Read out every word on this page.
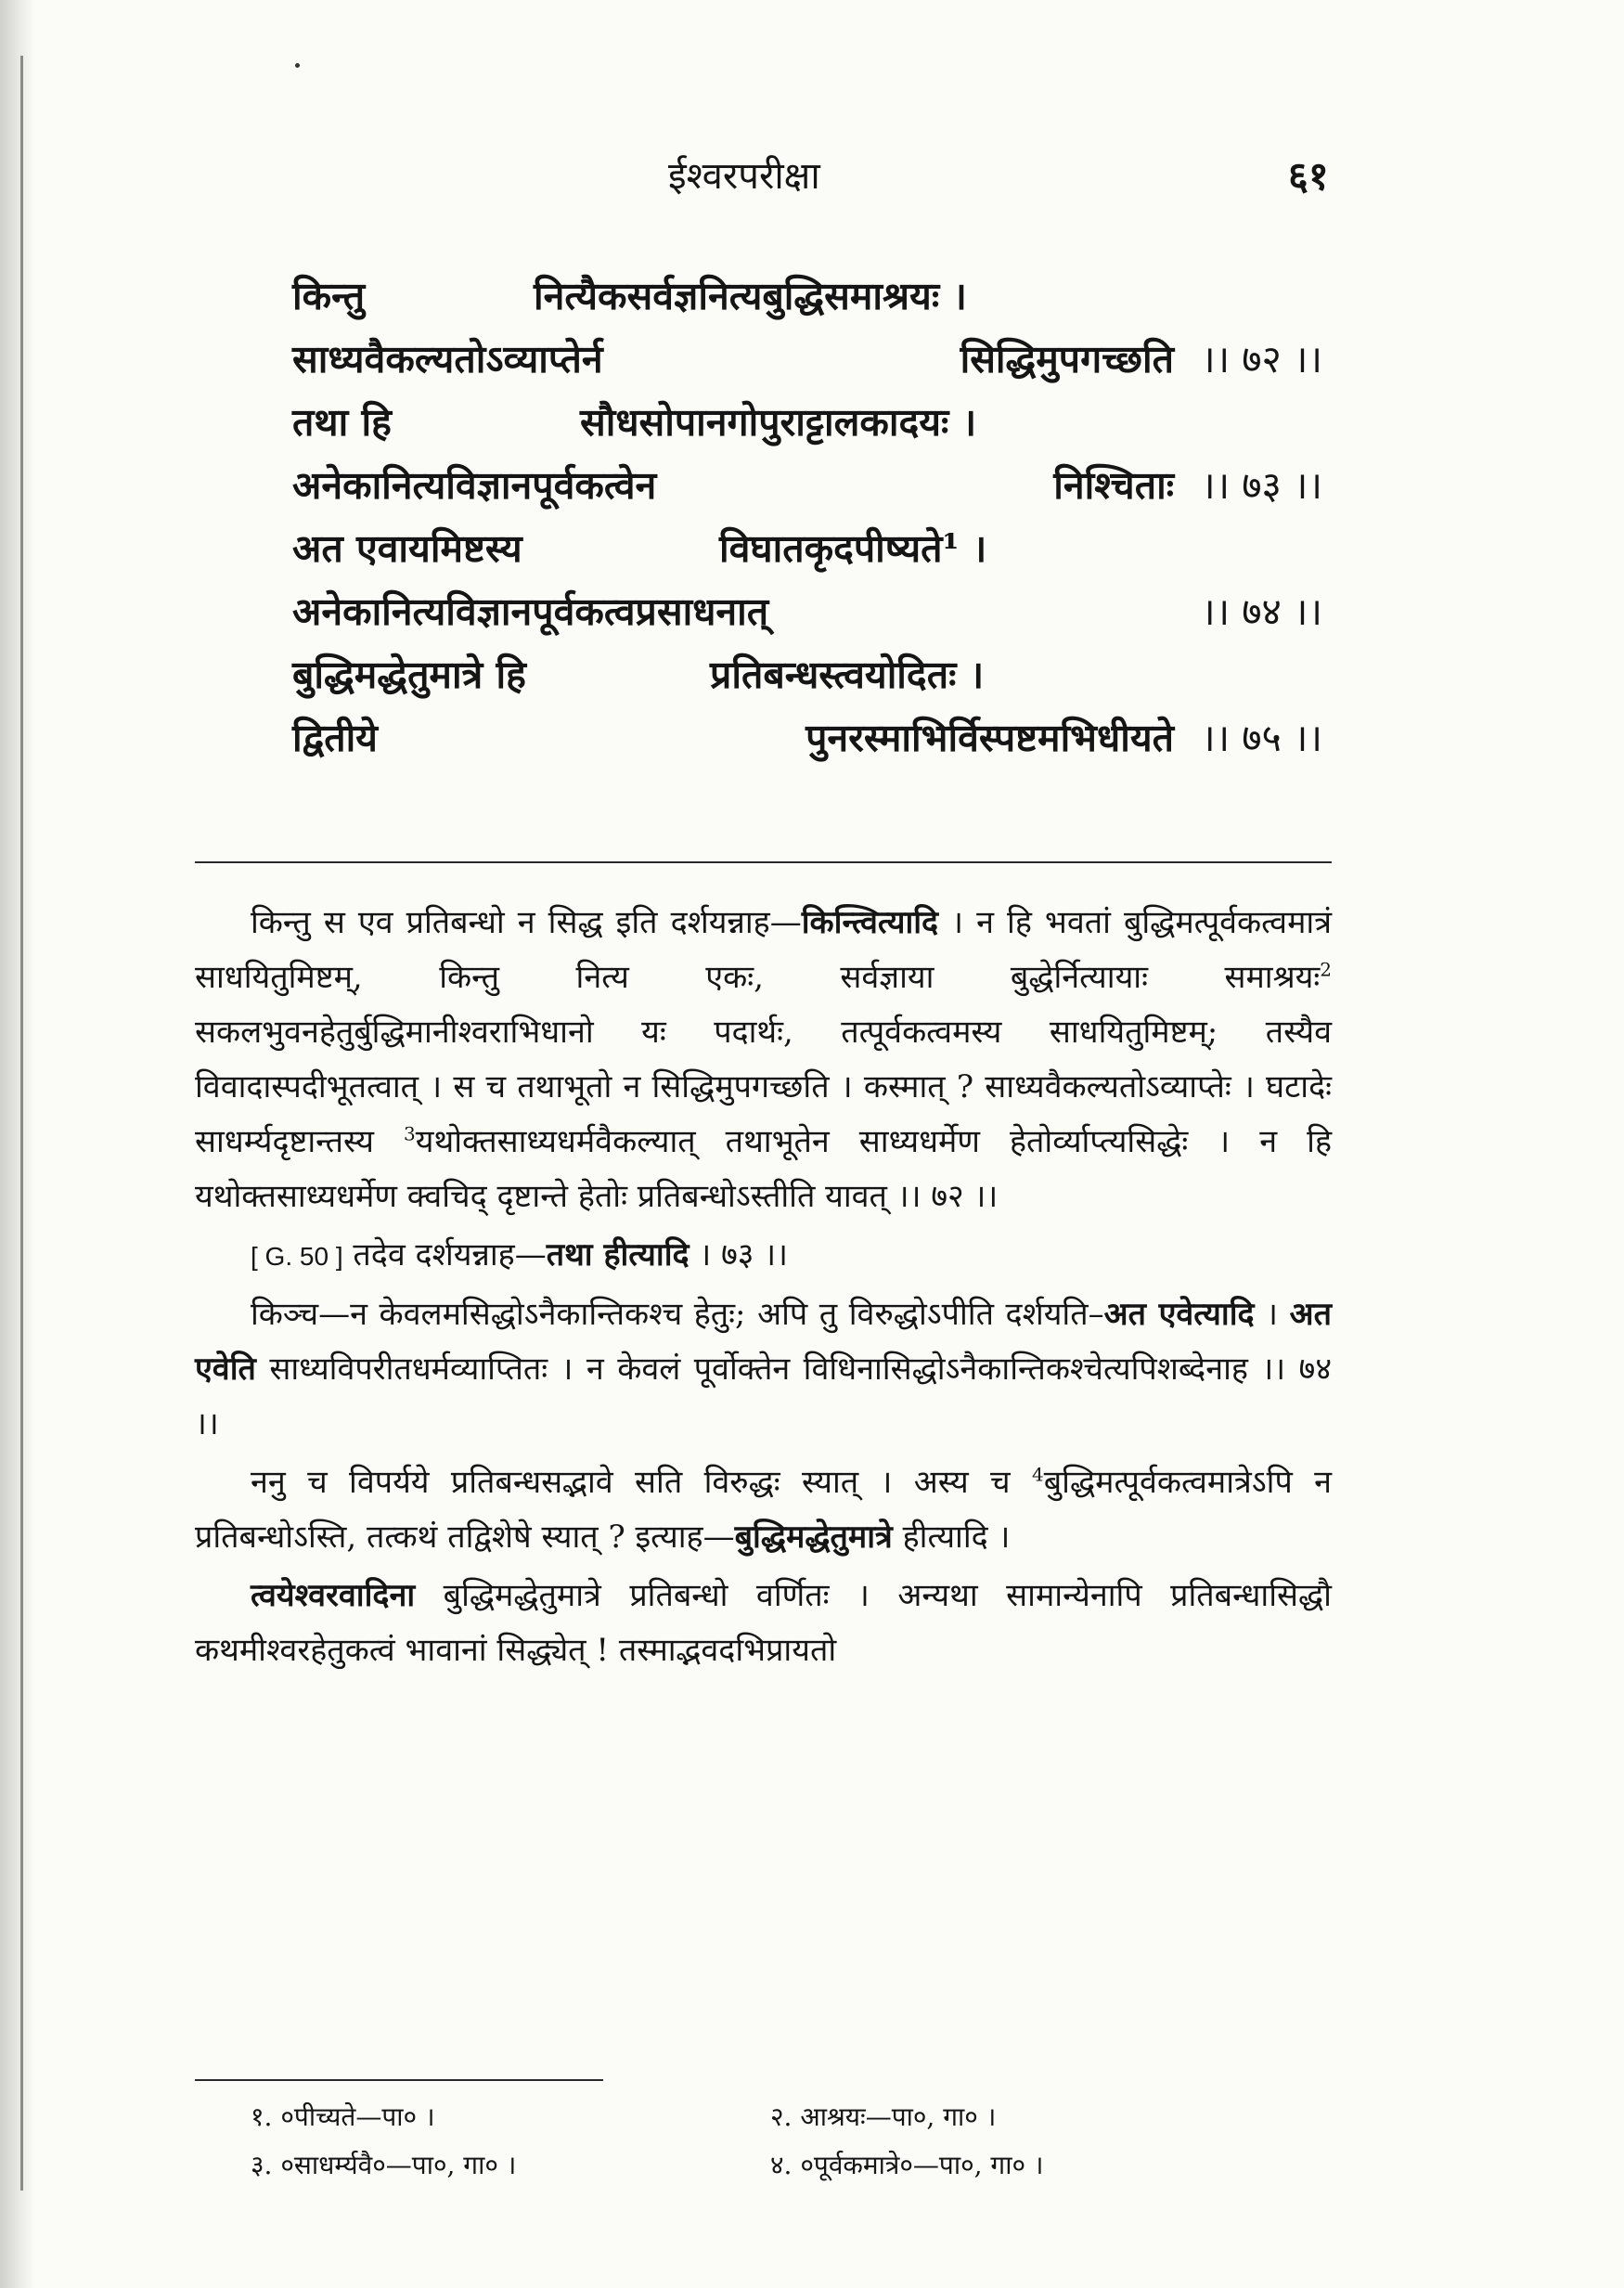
ईश्वरपरीक्षा	६१
किन्तु	नित्यैकसर्वज्ञनित्यबुद्धिसमाश्रयः ।
साध्यवैकल्यतोऽव्याप्तेर्न	सिद्धिमुपगच्छति ।। ७२ ।।
तथा हि	सौधसोपानगोपुराट्टालकादयः ।
अनेकानित्यविज्ञानपूर्वकत्वेन	निश्चिताः ।। ७३ ।।
अत एवायमिष्टस्य	विघातकृदपीष्यते¹ ।
अनेकानित्यविज्ञानपूर्वकत्वप्रसाधनात्	।। ७४ ।।
बुद्धिमद्धेतुमात्रे हि	प्रतिबन्धस्त्वयोदितः ।
द्वितीये	पुनरस्माभिर्विस्पष्टमभिधीयते ।। ७५ ।।

किन्तु स एव प्रतिबन्धो न सिद्ध इति दर्शयन्नाह—किन्त्वित्यादि । न हि भवतां बुद्धिमत्पूर्वकत्वमात्रं साधयितुमिष्टम्, किन्तु नित्य एकः, सर्वज्ञाया बुद्धेर्नित्यायाः समाश्रयः$^2$ सकलभुवनहेतुर्बुद्धिमानीश्वराभिधानो यः पदार्थः, तत्पूर्वकत्वमस्य साधयितुमिष्टम्; तस्यैव विवादास्पदीभूतत्वात् । स च तथाभूतो न सिद्धिमुपगच्छति । कस्मात् ? साध्यवैकल्यतोऽव्याप्तेः । घटादेः साधर्म्यदृष्टान्तस्य $^3$यथोक्तसाध्यधर्मवैकल्यात् तथाभूतेन साध्यधर्मेण हेतोर्व्याप्त्यसिद्धेः । न हि यथोक्तसाध्यधर्मेण क्वचिद् दृष्टान्ते हेतोः प्रतिबन्धोऽस्तीति यावत् ।। ७२ ।।

[ G. 50 ] तदेव दर्शयन्नाह—तथा हीत्यादि । ७३ ।।

किञ्च—न केवलमसिद्धोऽनैकान्तिकश्च हेतुः; अपि तु विरुद्धोऽपीति दर्शयति–अत एवेत्यादि । अत एवेति साध्यविपरीतधर्मव्याप्तितः । न केवलं पूर्वोक्तेन विधिनासिद्धोऽनैकान्तिकश्चेत्यपिशब्देनाह ।। ७४ ।।

ननु च विपर्यये प्रतिबन्धसद्भावे सति विरुद्धः स्यात् । अस्य च $^4$बुद्धिमत्पूर्वकत्वमात्रेऽपि न प्रतिबन्धोऽस्ति, तत्कथं तद्विशेषे स्यात् ? इत्याह—बुद्धिमद्धेतुमात्रे हीत्यादि ।

त्वयेश्वरवादिना बुद्धिमद्धेतुमात्रे प्रतिबन्धो वर्णितः । अन्यथा सामान्येनापि प्रतिबन्धासिद्धौ कथमीश्वरहेतुकत्वं भावानां सिद्ध्येत् ! तस्माद्भवदभिप्रायतो

१. ०पीच्यते—पा० ।	२. आश्रयः—पा०, गा० ।
३. ०साधर्म्यवै०—पा०, गा० ।	४. ०पूर्वकमात्रे०—पा०, गा० ।
